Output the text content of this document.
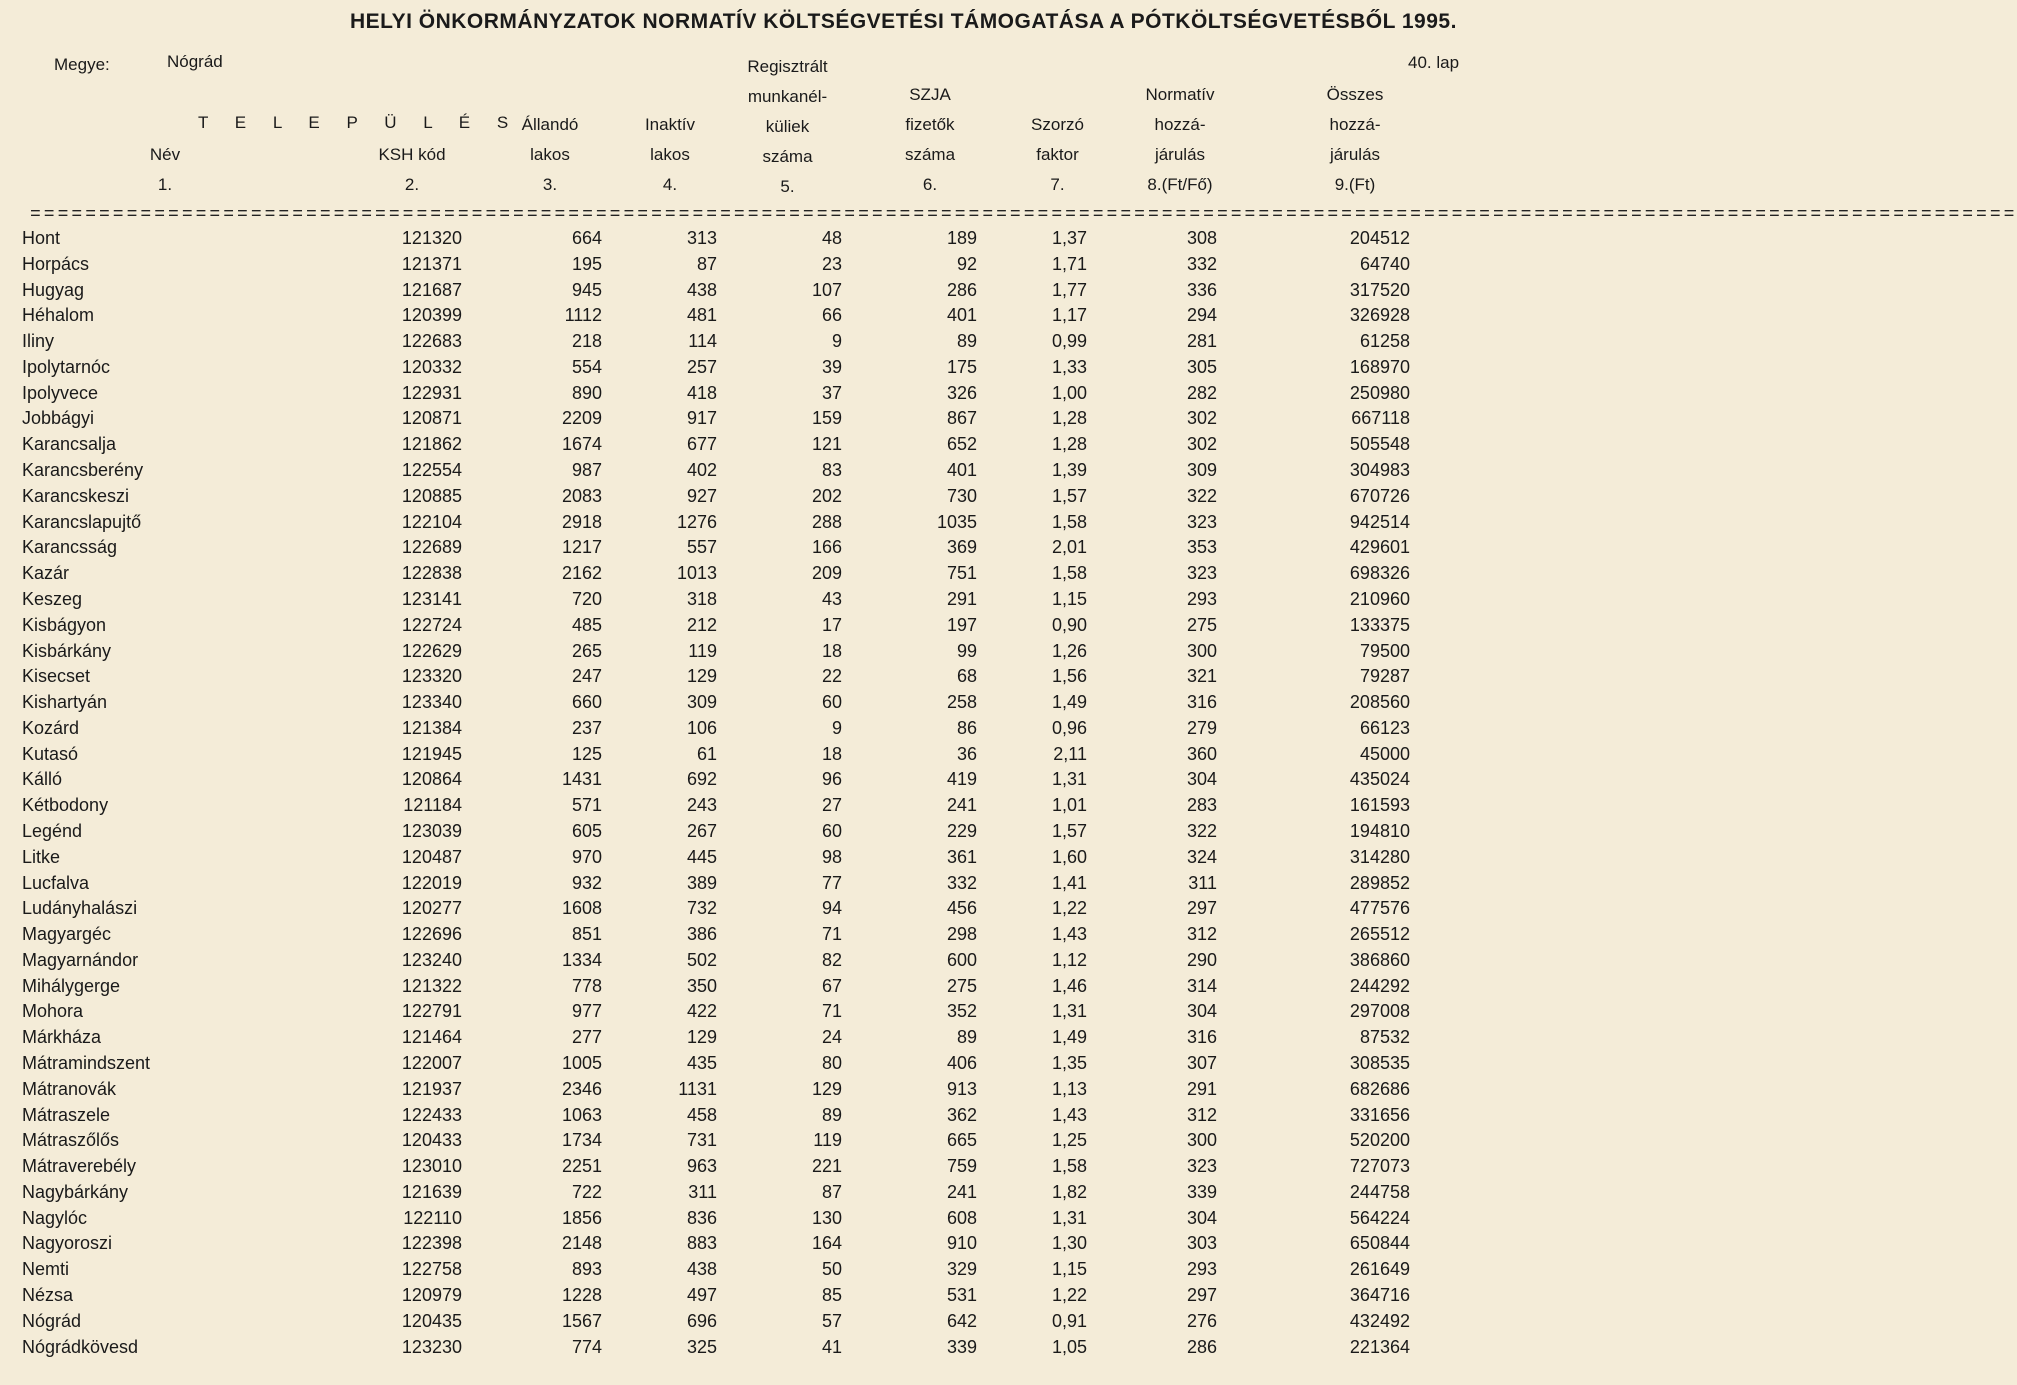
HELYI ÖNKORMÁNYZATOK NORMATÍV KÖLTSÉGVETÉSI TÁMOGATÁSA A PÓTKÖLTSÉGVETÉSBŐL 1995.
Megye:	Nógrád	40. lap
T E L E P Ü L É S
Név
1.
KSH kód
2.
Állandó
lakos
3.
Inaktív
lakos
4.
Regisztrált
munkanél-
küliek
száma
5.
SZJA
fizetők
száma
6.
Szorzó
faktor
7.
Normatív
hozzá-
járulás
8.(Ft/Fő)
Összes
hozzá-
járulás
9.(Ft)
================================================================================================================================================
Hont	121320	664	313	48	189	1,37	308	204512
Horpács	121371	195	87	23	92	1,71	332	64740
Hugyag	121687	945	438	107	286	1,77	336	317520
Héhalom	120399	1112	481	66	401	1,17	294	326928
Iliny	122683	218	114	9	89	0,99	281	61258
Ipolytarnóc	120332	554	257	39	175	1,33	305	168970
Ipolyvece	122931	890	418	37	326	1,00	282	250980
Jobbágyi	120871	2209	917	159	867	1,28	302	667118
Karancsalja	121862	1674	677	121	652	1,28	302	505548
Karancsberény	122554	987	402	83	401	1,39	309	304983
Karancskeszi	120885	2083	927	202	730	1,57	322	670726
Karancslapujtő	122104	2918	1276	288	1035	1,58	323	942514
Karancsság	122689	1217	557	166	369	2,01	353	429601
Kazár	122838	2162	1013	209	751	1,58	323	698326
Keszeg	123141	720	318	43	291	1,15	293	210960
Kisbágyon	122724	485	212	17	197	0,90	275	133375
Kisbárkány	122629	265	119	18	99	1,26	300	79500
Kisecset	123320	247	129	22	68	1,56	321	79287
Kishartyán	123340	660	309	60	258	1,49	316	208560
Kozárd	121384	237	106	9	86	0,96	279	66123
Kutasó	121945	125	61	18	36	2,11	360	45000
Kálló	120864	1431	692	96	419	1,31	304	435024
Kétbodony	121184	571	243	27	241	1,01	283	161593
Legénd	123039	605	267	60	229	1,57	322	194810
Litke	120487	970	445	98	361	1,60	324	314280
Lucfalva	122019	932	389	77	332	1,41	311	289852
Ludányhalászi	120277	1608	732	94	456	1,22	297	477576
Magyargéc	122696	851	386	71	298	1,43	312	265512
Magyarnándor	123240	1334	502	82	600	1,12	290	386860
Mihálygerge	121322	778	350	67	275	1,46	314	244292
Mohora	122791	977	422	71	352	1,31	304	297008
Márkháza	121464	277	129	24	89	1,49	316	87532
Mátramindszent	122007	1005	435	80	406	1,35	307	308535
Mátranovák	121937	2346	1131	129	913	1,13	291	682686
Mátraszele	122433	1063	458	89	362	1,43	312	331656
Mátraszőlős	120433	1734	731	119	665	1,25	300	520200
Mátraverebély	123010	2251	963	221	759	1,58	323	727073
Nagybárkány	121639	722	311	87	241	1,82	339	244758
Nagylóc	122110	1856	836	130	608	1,31	304	564224
Nagyoroszi	122398	2148	883	164	910	1,30	303	650844
Nemti	122758	893	438	50	329	1,15	293	261649
Nézsa	120979	1228	497	85	531	1,22	297	364716
Nógrád	120435	1567	696	57	642	0,91	276	432492
Nógrádkövesd	123230	774	325	41	339	1,05	286	221364
